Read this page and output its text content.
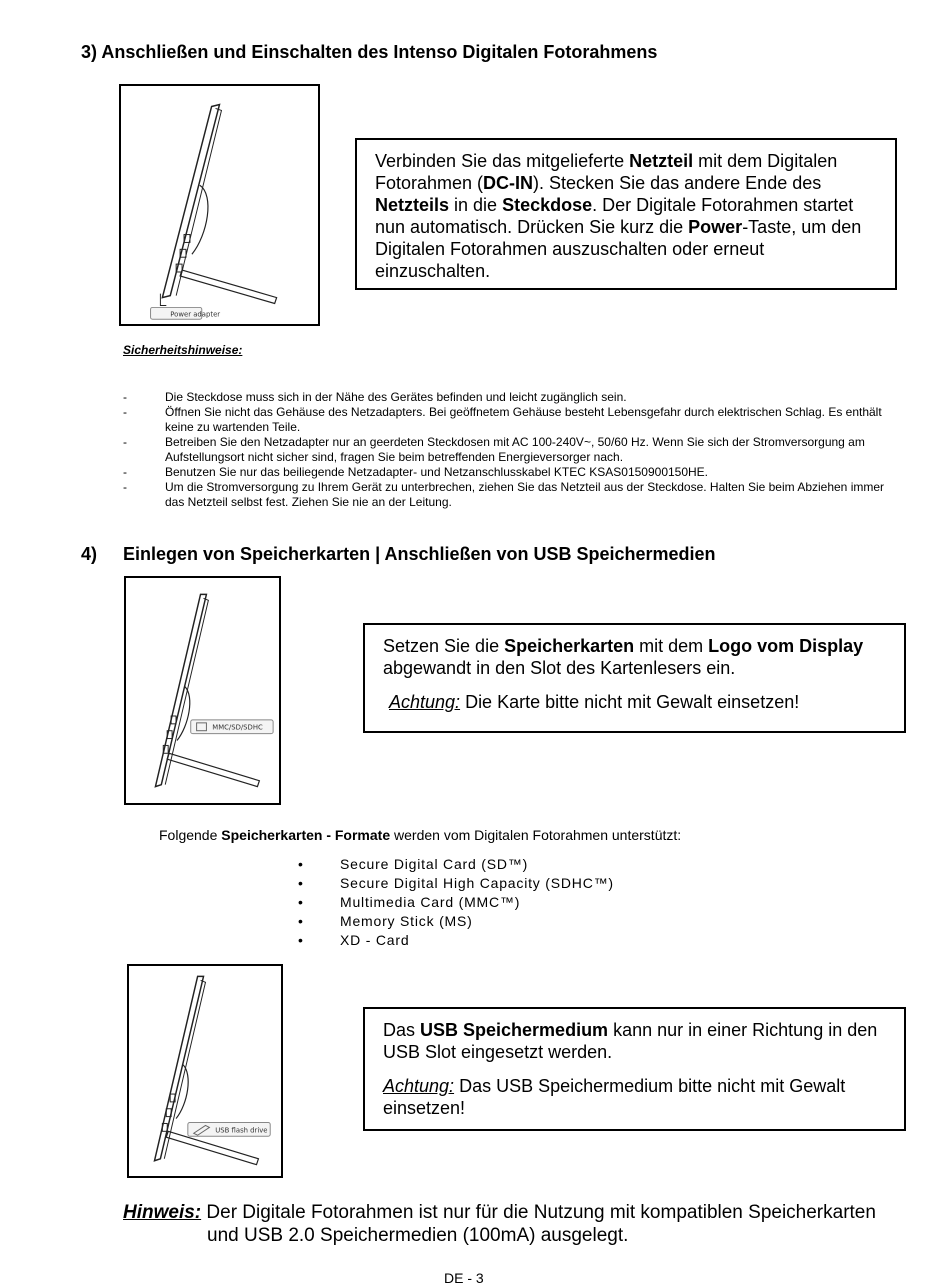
3) Anschließen und Einschalten des Intenso Digitalen Fotorahmens
Power adapter

Verbinden Sie das mitgelieferte Netzteil mit dem Digitalen Fotorahmen (DC-IN). Stecken Sie das andere Ende des Netzteils in die Steckdose. Der Digitale Fotorahmen startet nun automatisch. Drücken Sie kurz die Power-Taste, um den Digitalen Fotorahmen auszuschalten oder erneut einzuschalten.

Sicherheitshinweise:
-	Die Steckdose muss sich in der Nähe des Gerätes befinden und leicht zugänglich sein.
-	Öffnen Sie nicht das Gehäuse des Netzadapters. Bei geöffnetem Gehäuse besteht Lebensgefahr durch elektrischen Schlag. Es enthält keine zu wartenden Teile.
-	Betreiben Sie den Netzadapter nur an geerdeten Steckdosen mit AC 100-240V~, 50/60 Hz. Wenn Sie sich der Stromversorgung am Aufstellungsort nicht sicher sind, fragen Sie beim betreffenden Energieversorger nach.
-	Benutzen Sie nur das beiliegende Netzadapter- und Netzanschlusskabel KTEC KSAS0150900150HE.
-	Um die Stromversorgung zu Ihrem Gerät zu unterbrechen, ziehen Sie das Netzteil aus der Steckdose. Halten Sie beim Abziehen immer das Netzteil selbst fest. Ziehen Sie nie an der Leitung.
4) Einlegen von Speicherkarten | Anschließen von USB Speichermedien
MMC/SD/SDHC

Setzen Sie die Speicherkarten mit dem Logo vom Display abgewandt in den Slot des Kartenlesers ein.

Achtung: Die Karte bitte nicht mit Gewalt einsetzen!

Folgende Speicherkarten - Formate werden vom Digitalen Fotorahmen unterstützt:
•	Secure Digital Card (SD™)
•	Secure Digital High Capacity (SDHC™)
•	Multimedia Card (MMC™)
•	Memory Stick (MS)
•	XD - Card
USB flash drive

Das USB Speichermedium kann nur in einer Richtung in den USB Slot eingesetzt werden.

Achtung: Das USB Speichermedium bitte nicht mit Gewalt einsetzen!

Hinweis: Der Digitale Fotorahmen ist nur für die Nutzung mit kompatiblen Speicherkarten
und USB 2.0 Speichermedien (100mA) ausgelegt.
DE - 3
